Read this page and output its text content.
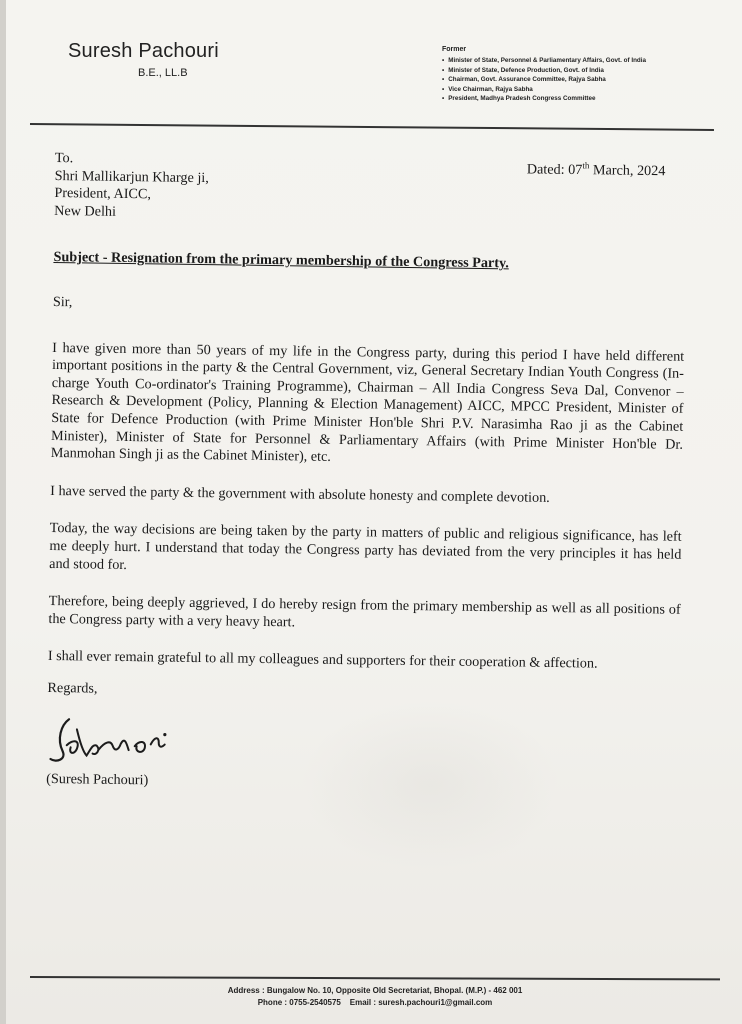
Suresh Pachouri
B.E., LL.B
Former
• Minister of State, Personnel & Parliamentary Affairs, Govt. of India
• Minister of State, Defence Production, Govt. of India
• Chairman, Govt. Assurance Committee, Rajya Sabha
• Vice Chairman, Rajya Sabha
• President, Madhya Pradesh Congress Committee
To.
Shri Mallikarjun Kharge ji,
President, AICC,
New Delhi
Dated: 07th March, 2024
Subject - Resignation from the primary membership of the Congress Party.
Sir,
I have given more than 50 years of my life in the Congress party, during this period I have held different important positions in the party & the Central Government, viz, General Secretary Indian Youth Congress (In-charge Youth Co-ordinator's Training Programme), Chairman – All India Congress Seva Dal, Convenor – Research & Development (Policy, Planning & Election Management) AICC, MPCC President, Minister of State for Defence Production (with Prime Minister Hon'ble Shri P.V. Narasimha Rao ji as the Cabinet Minister), Minister of State for Personnel & Parliamentary Affairs (with Prime Minister Hon'ble Dr. Manmohan Singh ji as the Cabinet Minister), etc.
I have served the party & the government with absolute honesty and complete devotion.
Today, the way decisions are being taken by the party in matters of public and religious significance, has left me deeply hurt. I understand that today the Congress party has deviated from the very principles it has held and stood for.
Therefore, being deeply aggrieved, I do hereby resign from the primary membership as well as all positions of the Congress party with a very heavy heart.
I shall ever remain grateful to all my colleagues and supporters for their cooperation & affection.
Regards,
(Suresh Pachouri)
Address : Bungalow No. 10, Opposite Old Secretariat, Bhopal. (M.P.) - 462 001
Phone : 0755-2540575 Email : suresh.pachouri1@gmail.com
